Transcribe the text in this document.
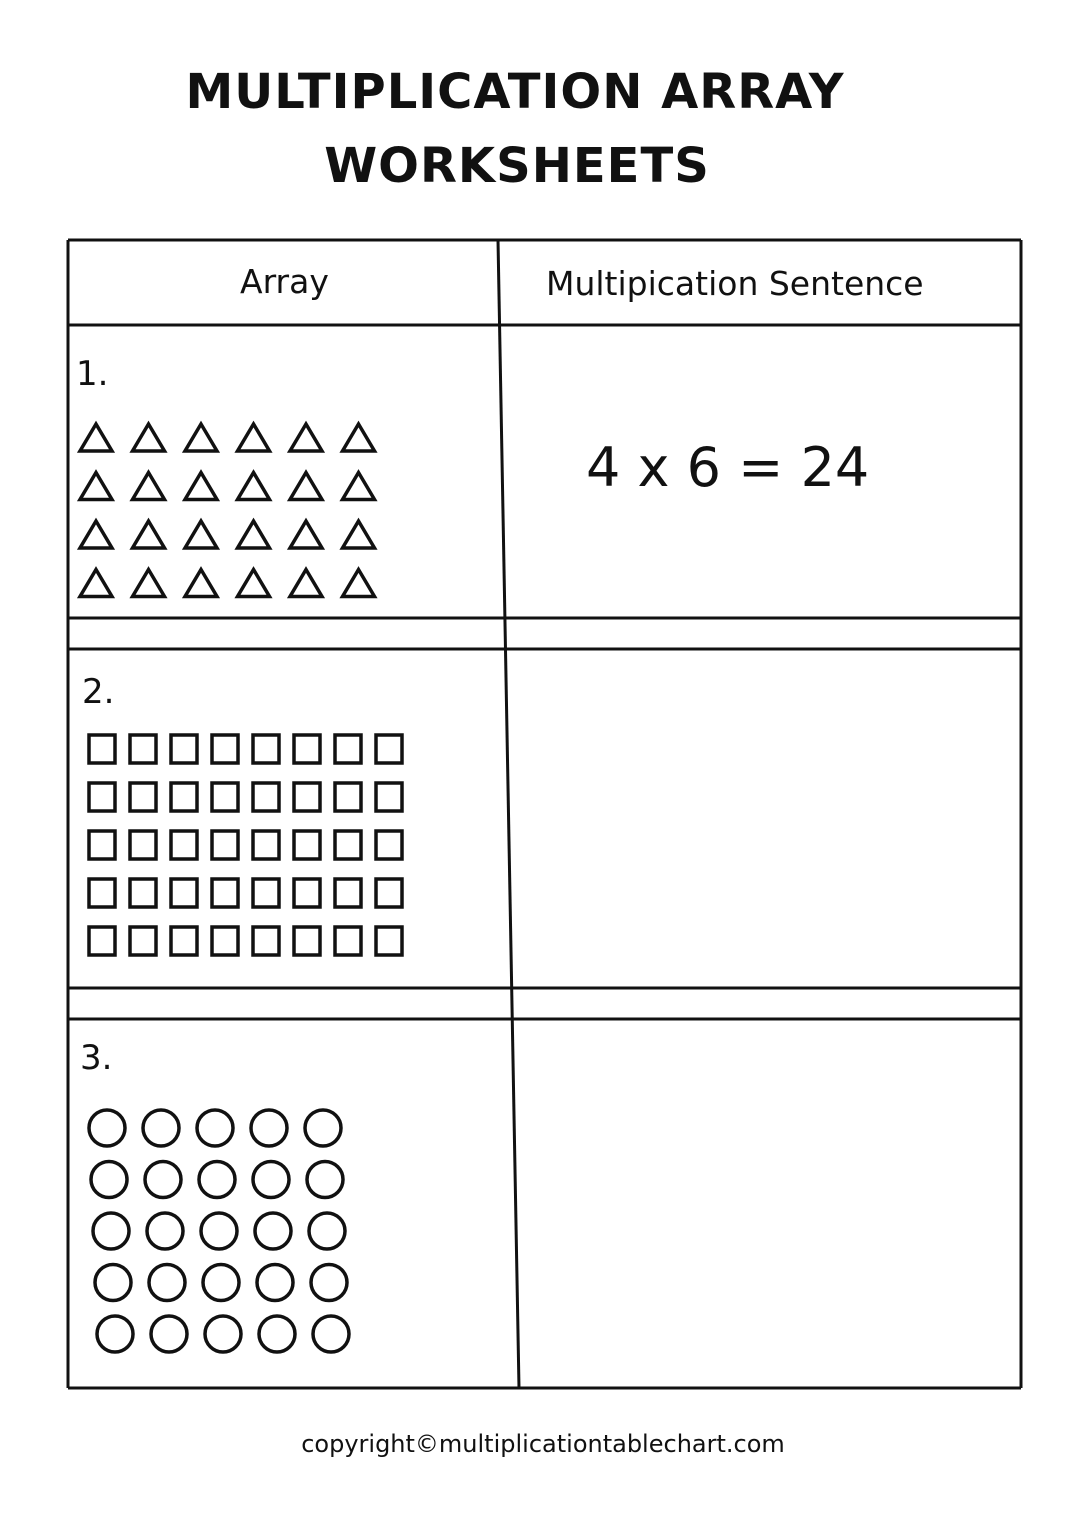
MULTIPLICATION ARRAY
WORKSHEETS
Array	Multipication Sentence
1.
2.
3.
4 x 6 = 24
copyright©multiplicationtablechart.com
